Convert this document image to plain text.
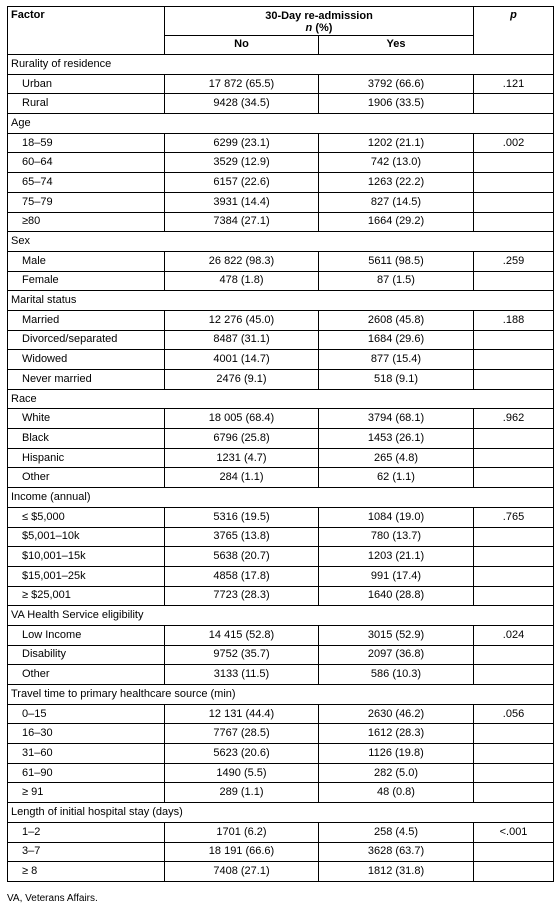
Factor	30-Day re-admission
n (%)		p
	No	Yes	
Rurality of residence			
Urban	17 872 (65.5)	3792 (66.6)	.121
Rural	9428 (34.5)	1906 (33.5)	
Age			
18–59	6299 (23.1)	1202 (21.1)	.002
60–64	3529 (12.9)	742 (13.0)	
65–74	6157 (22.6)	1263 (22.2)	
75–79	3931 (14.4)	827 (14.5)	
≥80	7384 (27.1)	1664 (29.2)	
Sex			
Male	26 822 (98.3)	5611 (98.5)	.259
Female	478 (1.8)	87 (1.5)	
Marital status			
Married	12 276 (45.0)	2608 (45.8)	.188
Divorced/separated	8487 (31.1)	1684 (29.6)	
Widowed	4001 (14.7)	877 (15.4)	
Never married	2476 (9.1)	518 (9.1)	
Race			
White	18 005 (68.4)	3794 (68.1)	.962
Black	6796 (25.8)	1453 (26.1)	
Hispanic	1231 (4.7)	265 (4.8)	
Other	284 (1.1)	62 (1.1)	
Income (annual)			
≤ $5,000	5316 (19.5)	1084 (19.0)	.765
$5,001–10k	3765 (13.8)	780 (13.7)	
$10,001–15k	5638 (20.7)	1203 (21.1)	
$15,001–25k	4858 (17.8)	991 (17.4)	
≥ $25,001	7723 (28.3)	1640 (28.8)	
VA Health Service eligibility			
Low Income	14 415 (52.8)	3015 (52.9)	.024
Disability	9752 (35.7)	2097 (36.8)	
Other	3133 (11.5)	586 (10.3)	
Travel time to primary healthcare source (min)			
0–15	12 131 (44.4)	2630 (46.2)	.056
16–30	7767 (28.5)	1612 (28.3)	
31–60	5623 (20.6)	1126 (19.8)	
61–90	1490 (5.5)	282 (5.0)	
≥ 91	289 (1.1)	48 (0.8)	
Length of initial hospital stay (days)			
1–2	1701 (6.2)	258 (4.5)	<.001
3–7	18 191 (66.6)	3628 (63.7)	
≥ 8	7408 (27.1)	1812 (31.8)	
VA, Veterans Affairs.
